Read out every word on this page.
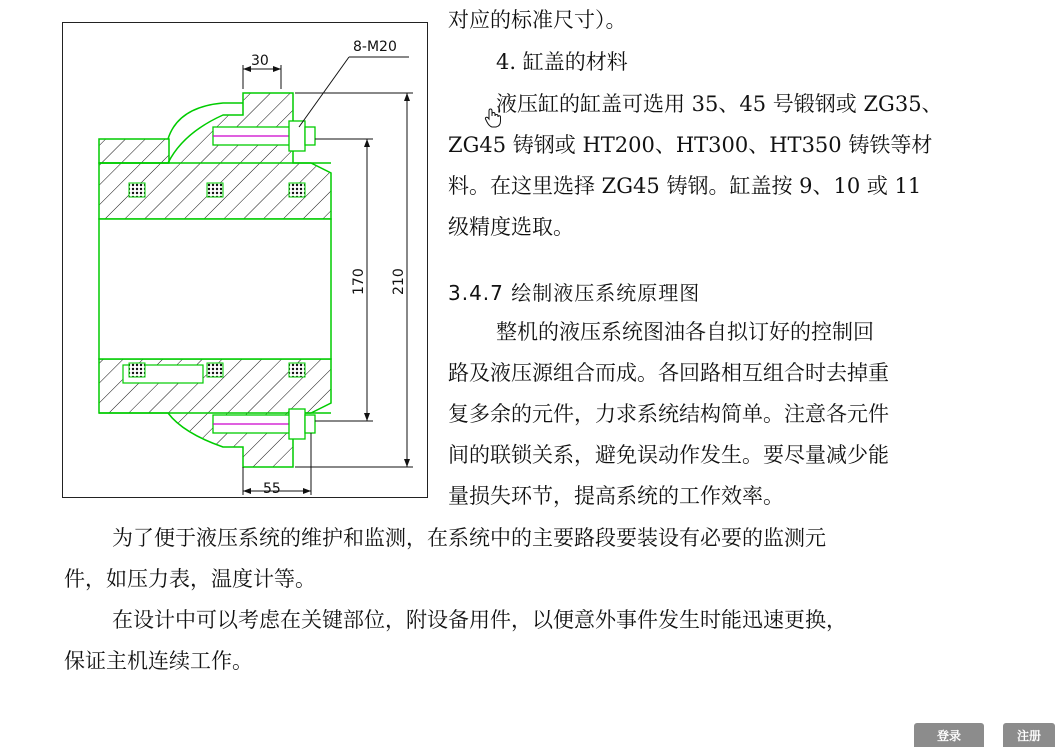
30
8-M20
55
170 210

对应的标准尺寸）。

4. 缸盖的材料

液压缸的缸盖可选用 35、45 号锻钢或 ZG35、

ZG45 铸钢或 HT200、HT300、HT350 铸铁等材

料。在这里选择 ZG45 铸钢。缸盖按 9、10 或 11

级精度选取。

3.4.7 绘制液压系统原理图

整机的液压系统图油各自拟订好的控制回

路及液压源组合而成。各回路相互组合时去掉重

复多余的元件，力求系统结构简单。注意各元件

间的联锁关系，避免误动作发生。要尽量减少能

量损失环节，提高系统的工作效率。

为了便于液压系统的维护和监测，在系统中的主要路段要装设有必要的监测元

件，如压力表，温度计等。

在设计中可以考虑在关键部位，附设备用件，以便意外事件发生时能迅速更换，

保证主机连续工作。

登录	注册
